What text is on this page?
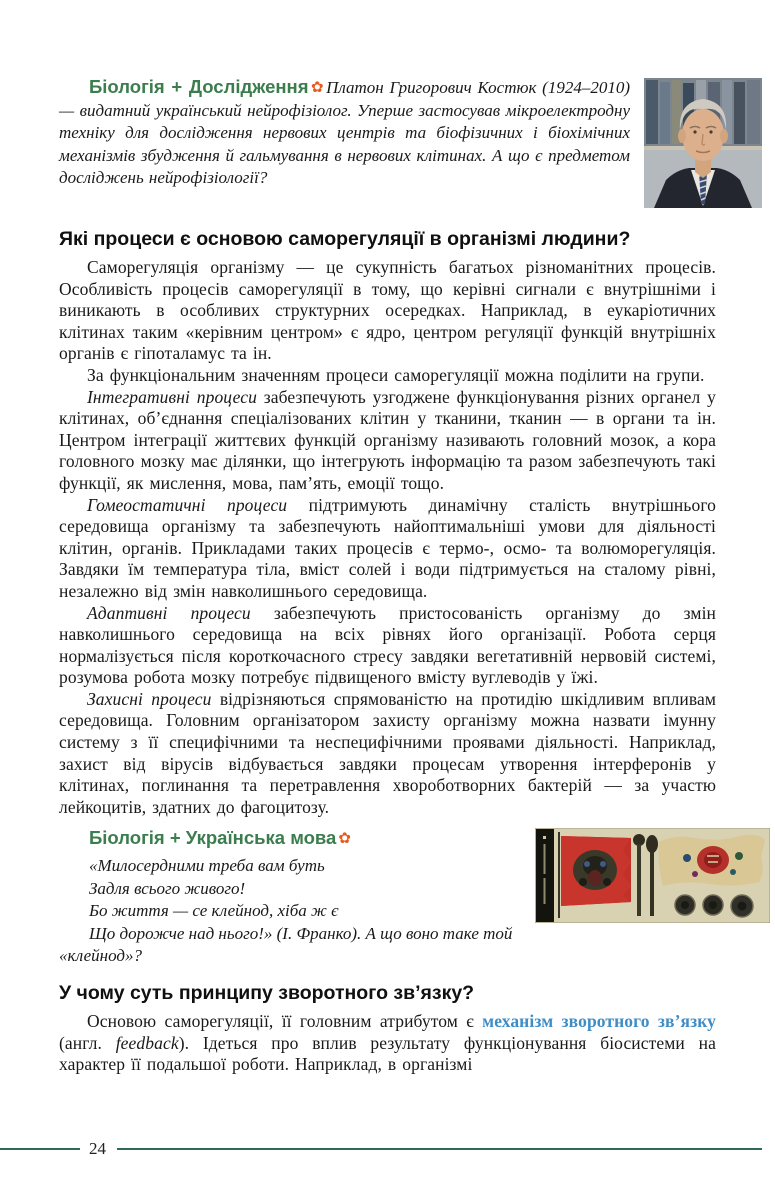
Біологія + Дослідження ✿ Платон Григорович Костюк (1924–2010) — видатний український нейрофізіолог. Уперше застосував мікроелектродну техніку для дослідження нервових центрів та біофізичних і біохімічних механізмів збудження й гальмування в нервових клітинах. А що є предметом досліджень нейрофізіології?

Які процеси є основою саморегуляції в організмі людини?

Саморегуляція організму — це сукупність багатьох різноманітних процесів. Особливість процесів саморегуляції в тому, що керівні сигнали є внутрішніми і виникають в особливих структурних осередках. Наприклад, в еукаріотичних клітинах таким «керівним центром» є ядро, центром регуляції функцій внутрішніх органів є гіпоталамус та ін.

За функціональним значенням процеси саморегуляції можна поділити на групи.

Інтегративні процеси забезпечують узгоджене функціонування різних органел у клітинах, об’єднання спеціалізованих клітин у тканини, тканин — в органи та ін. Центром інтеграції життєвих функцій організму називають головний мозок, а кора головного мозку має ділянки, що інтегрують інформацію та разом забезпечують такі функції, як мислення, мова, пам’ять, емоції тощо.

Гомеостатичні процеси підтримують динамічну сталість внутрішнього середовища організму та забезпечують найоптимальніші умови для діяльності клітин, органів. Прикладами таких процесів є термо-, осмо- та волюморегуляція. Завдяки їм температура тіла, вміст солей і води підтримується на сталому рівні, незалежно від змін навколишнього середовища.

Адаптивні процеси забезпечують пристосованість організму до змін навколишнього середовища на всіх рівнях його організації. Робота серця нормалізується після короткочасного стресу завдяки вегетативній нервовій системі, розумова робота мозку потребує підвищеного вмісту вуглеводів у їжі.

Захисні процеси відрізняються спрямованістю на протидію шкідливим впливам середовища. Головним організатором захисту організму можна назвати імунну систему з її специфічними та неспецифічними проявами діяльності. Наприклад, захист від вірусів відбувається завдяки процесам утворення інтерферонів у клітинах, поглинання та перетравлення хвороботворних бактерій — за участю лейкоцитів, здатних до фагоцитозу.

Біологія + Українська мова ✿

«Милосердними треба вам буть

Задля всього живого!

Бо життя — се клейнод, хіба ж є

Що дорожче над нього!» (І. Франко). А що воно таке той «клейнод»?

У чому суть принципу зворотного зв’язку?

Основою саморегуляції, її головним атрибутом є механізм зворотного зв’язку (англ. feedback). Ідеться про вплив результату функціонування біосистеми на характер її подальшої роботи. Наприклад, в організмі

24
